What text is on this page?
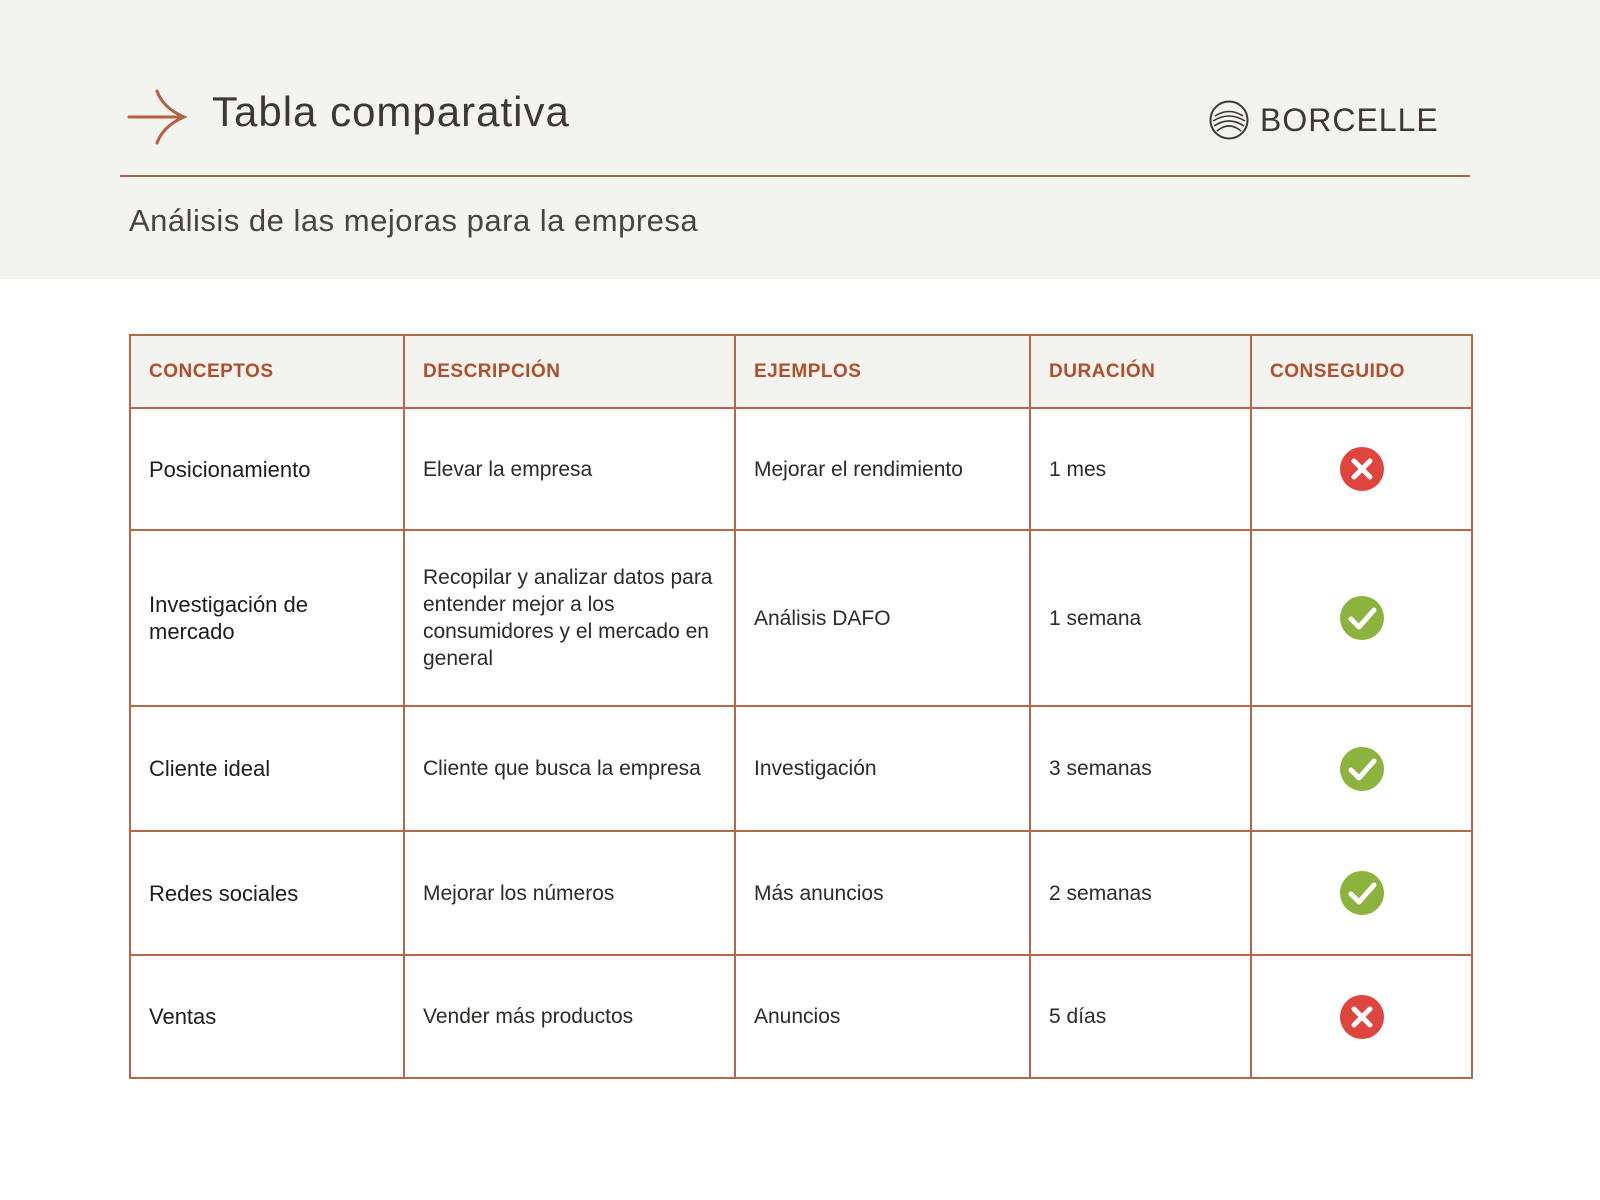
Tabla comparativa	BORCELLE
Análisis de las mejoras para la empresa
CONCEPTOS	DESCRIPCIÓN	EJEMPLOS	DURACIÓN	CONSEGUIDO
Posicionamiento	Elevar la empresa	Mejorar el rendimiento	1 mes	
Investigación de mercado	Recopilar y analizar datos para entender mejor a los consumidores y el mercado en general	Análisis DAFO	1 semana	
Cliente ideal	Cliente que busca la empresa	Investigación	3 semanas	
Redes sociales	Mejorar los números	Más anuncios	2 semanas	
Ventas	Vender más productos	Anuncios	5 días	
